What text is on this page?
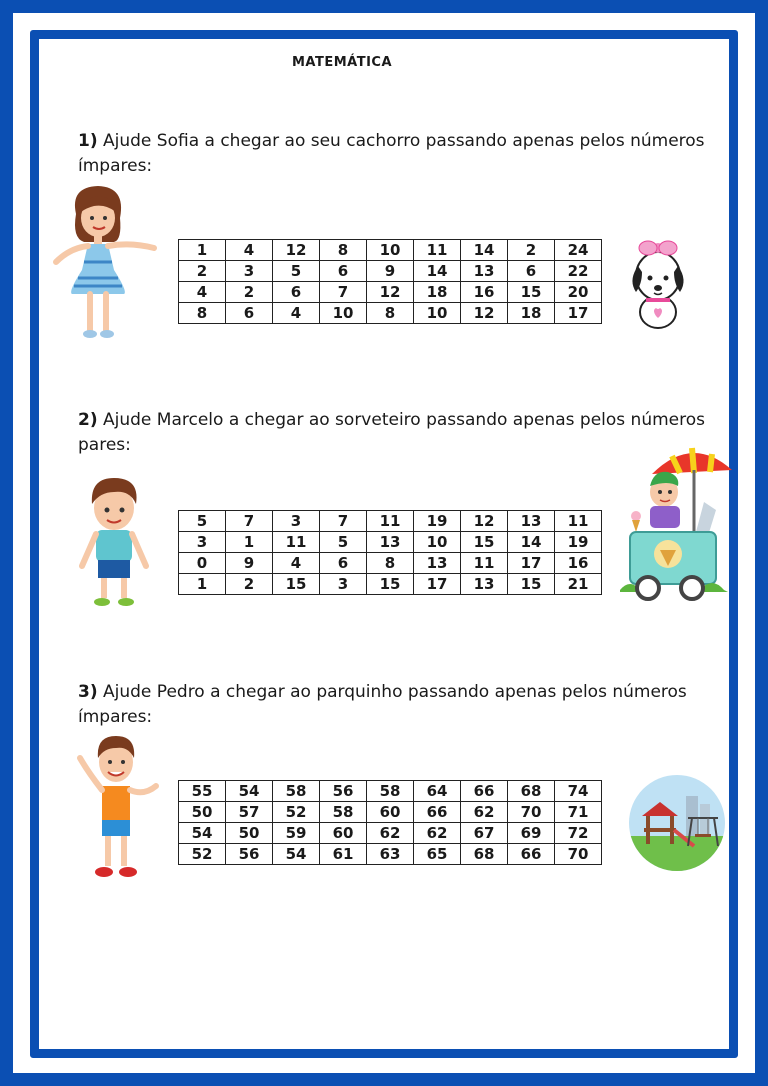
MATEMÁTICA
1) Ajude Sofia a chegar ao seu cachorro passando apenas pelos números ímpares:
1	4	12	8	10	11	14	2	24
2	3	5	6	9	14	13	6	22
4	2	6	7	12	18	16	15	20
8	6	4	10	8	10	12	18	17
2) Ajude Marcelo a chegar ao sorveteiro passando apenas pelos números pares:
5	7	3	7	11	19	12	13	11
3	1	11	5	13	10	15	14	19
0	9	4	6	8	13	11	17	16
1	2	15	3	15	17	13	15	21
3) Ajude Pedro a chegar ao parquinho passando apenas pelos números ímpares:
55	54	58	56	58	64	66	68	74
50	57	52	58	60	66	62	70	71
54	50	59	60	62	62	67	69	72
52	56	54	61	63	65	68	66	70
